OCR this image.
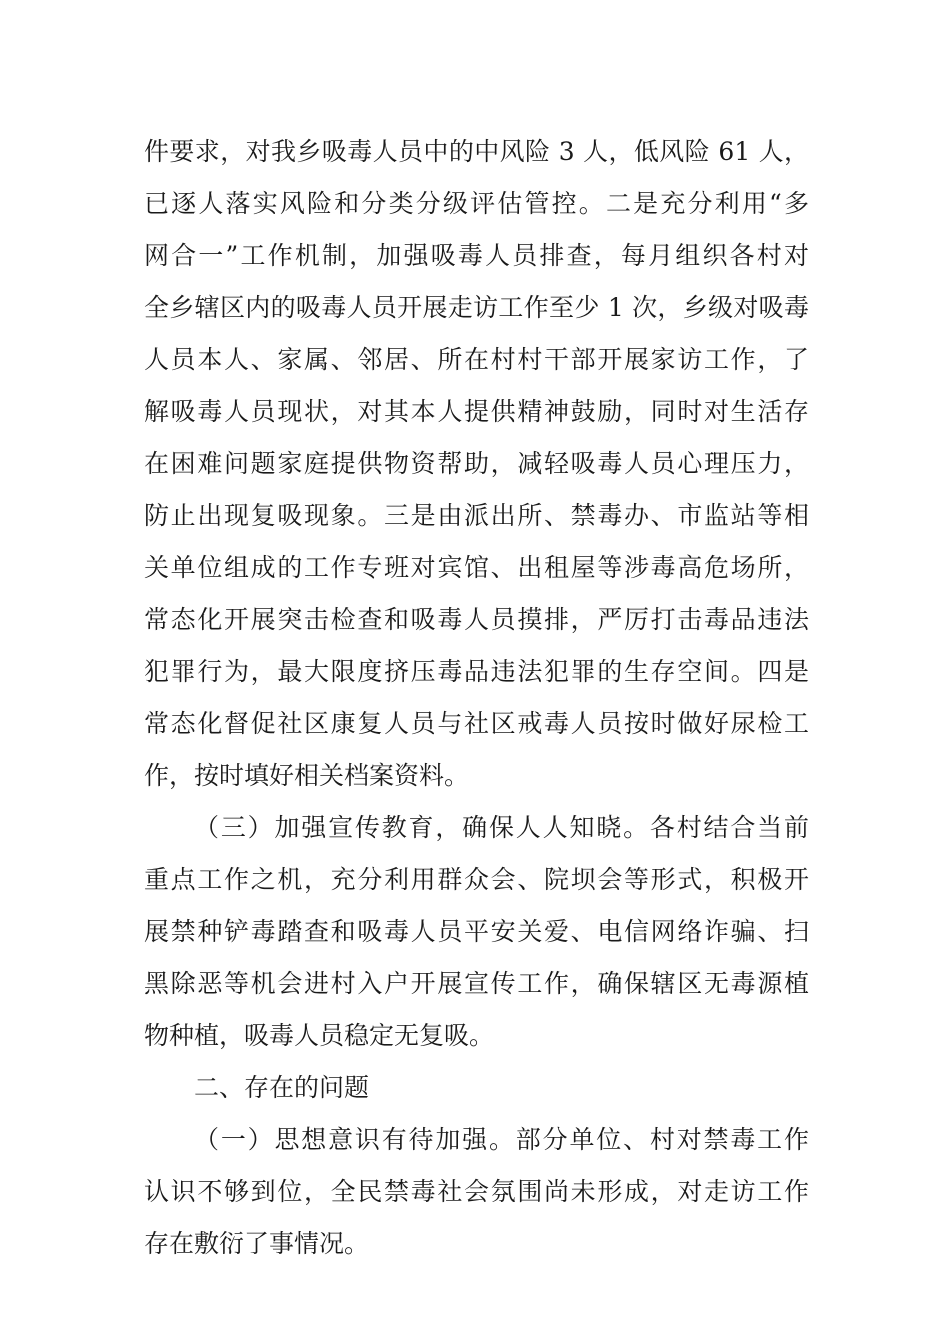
件要求，对我乡吸毒人员中的中风险 3 人，低风险 61 人，
已逐人落实风险和分类分级评估管控。二是充分利用“多
网合一”工作机制，加强吸毒人员排查，每月组织各村对
全乡辖区内的吸毒人员开展走访工作至少 1 次，乡级对吸毒
人员本人、家属、邻居、所在村村干部开展家访工作，了
解吸毒人员现状，对其本人提供精神鼓励，同时对生活存
在困难问题家庭提供物资帮助，减轻吸毒人员心理压力，
防止出现复吸现象。三是由派出所、禁毒办、市监站等相
关单位组成的工作专班对宾馆、出租屋等涉毒高危场所，
常态化开展突击检查和吸毒人员摸排，严厉打击毒品违法
犯罪行为，最大限度挤压毒品违法犯罪的生存空间。四是
常态化督促社区康复人员与社区戒毒人员按时做好尿检工
作，按时填好相关档案资料。
（三）加强宣传教育，确保人人知晓。各村结合当前
重点工作之机，充分利用群众会、院坝会等形式，积极开
展禁种铲毒踏查和吸毒人员平安关爱、电信网络诈骗、扫
黑除恶等机会进村入户开展宣传工作，确保辖区无毒源植
物种植，吸毒人员稳定无复吸。
二、存在的问题
（一）思想意识有待加强。部分单位、村对禁毒工作
认识不够到位，全民禁毒社会氛围尚未形成，对走访工作
存在敷衍了事情况。
